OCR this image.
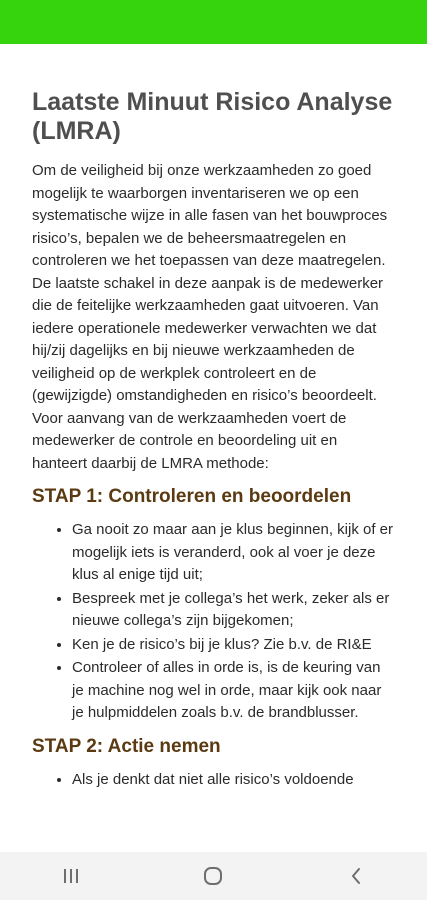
Laatste Minuut Risico Analyse (LMRA)

Om de veiligheid bij onze werkzaamheden zo goed mogelijk te waarborgen inventariseren we op een systematische wijze in alle fasen van het bouwproces risico’s, bepalen we de beheersmaatregelen en controleren we het toepassen van deze maatregelen.

De laatste schakel in deze aanpak is de medewerker die de feitelijke werkzaamheden gaat uitvoeren. Van iedere operationele medewerker verwachten we dat hij/zij dagelijks en bij nieuwe werkzaamheden de veiligheid op de werkplek controleert en de (gewijzigde) omstandigheden en risico’s beoordeelt. Voor aanvang van de werkzaamheden voert de medewerker de controle en beoordeling uit en hanteert daarbij de LMRA methode:

STAP 1: Controleren en beoordelen
• Ga nooit zo maar aan je klus beginnen, kijk of er mogelijk iets is veranderd, ook al voer je deze klus al enige tijd uit;
• Bespreek met je collega’s het werk, zeker als er nieuwe collega’s zijn bijgekomen;
• Ken je de risico’s bij je klus? Zie b.v. de RI&E
• Controleer of alles in orde is, is de keuring van je machine nog wel in orde, maar kijk ook naar je hulpmiddelen zoals b.v. de brandblusser.
STAP 2: Actie nemen
• Als je denkt dat niet alle risico’s voldoende
